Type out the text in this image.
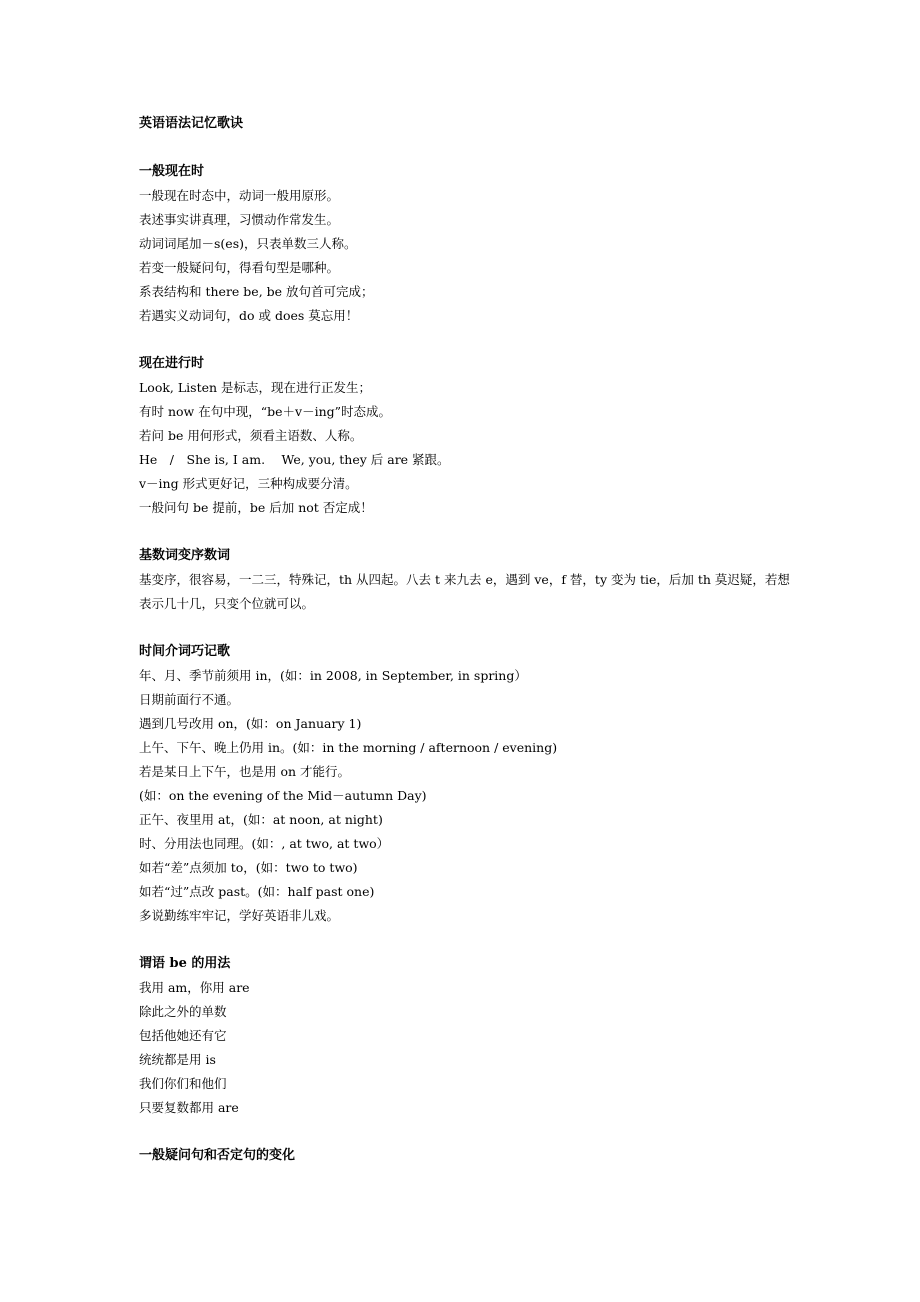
英语语法记忆歌诀
一般现在时
一般现在时态中，动词一般用原形。
表述事实讲真理，习惯动作常发生。
动词词尾加－s(es)，只表单数三人称。
若变一般疑问句，得看句型是哪种。
系表结构和 there be, be 放句首可完成；
若遇实义动词句，do 或 does 莫忘用！
现在进行时
Look, Listen 是标志，现在进行正发生；
有时 now 在句中现，“be＋v－ing”时态成。
若问 be 用何形式，须看主语数、人称。
He　/　She is, I am.　 We, you, they 后 are 紧跟。
v－ing 形式更好记，三种构成要分清。
一般问句 be 提前，be 后加 not 否定成！
基数词变序数词
基变序，很容易，一二三，特殊记，th 从四起。八去 t 来九去 e，遇到 ve，f 替，ty 变为 tie，后加 th 莫迟疑，若想表示几十几，只变个位就可以。
时间介词巧记歌
年、月、季节前须用 in，(如：in 2008, in September, in spring）
日期前面行不通。
遇到几号改用 on，(如：on January 1)
上午、下午、晚上仍用 in。(如：in the morning / afternoon / evening)
若是某日上下午，也是用 on 才能行。
(如：on the evening of the Mid－autumn Day)
正午、夜里用 at，(如：at noon, at night)
时、分用法也同理。(如：, at two, at two）
如若“差”点须加 to，(如：two to two)
如若“过”点改 past。(如：half past one)
多说勤练牢牢记，学好英语非儿戏。
谓语 be 的用法
我用 am，你用 are
除此之外的单数
包括他她还有它
统统都是用 is
我们你们和他们
只要复数都用 are
一般疑问句和否定句的变化
